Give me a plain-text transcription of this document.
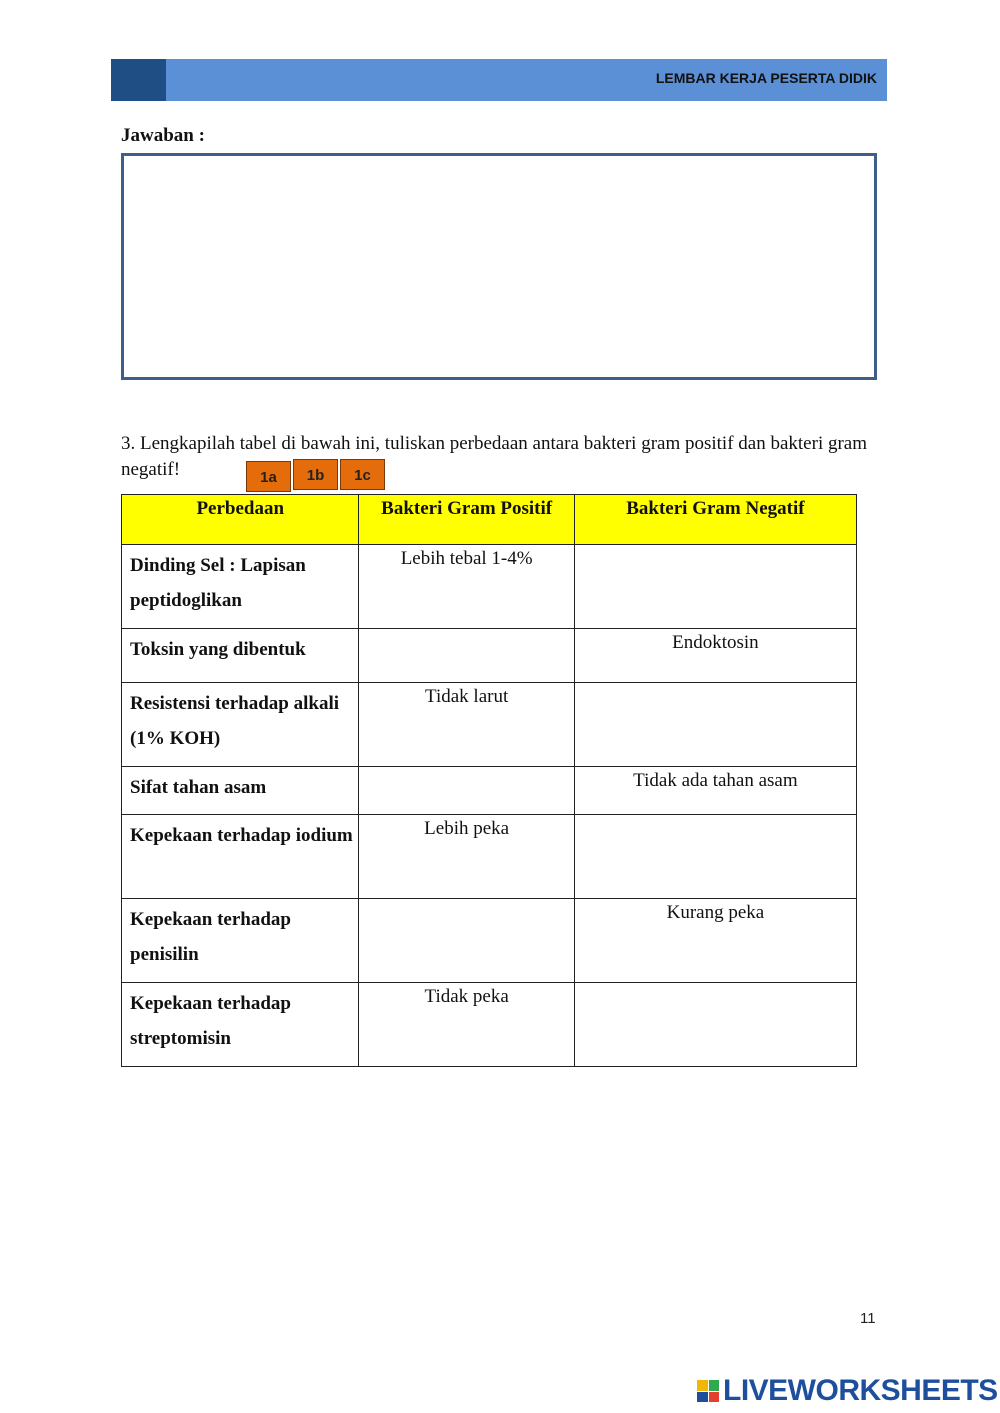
LEMBAR KERJA PESERTA DIDIK
Jawaban :
3. Lengkapilah tabel di bawah ini, tuliskan perbedaan antara bakteri gram positif dan bakteri gram negatif!	1a	1b	1c
Perbedaan	Bakteri Gram Positif	Bakteri Gram Negatif
Dinding Sel : Lapisan peptidoglikan	Lebih tebal 1-4%	
Toksin yang dibentuk		Endoktosin
Resistensi terhadap alkali (1% KOH)	Tidak larut	
Sifat tahan asam		Tidak ada tahan asam
Kepekaan terhadap iodium	Lebih peka	
Kepekaan terhadap penisilin		Kurang peka
Kepekaan terhadap streptomisin	Tidak peka	
11
LIVEWORKSHEETS
